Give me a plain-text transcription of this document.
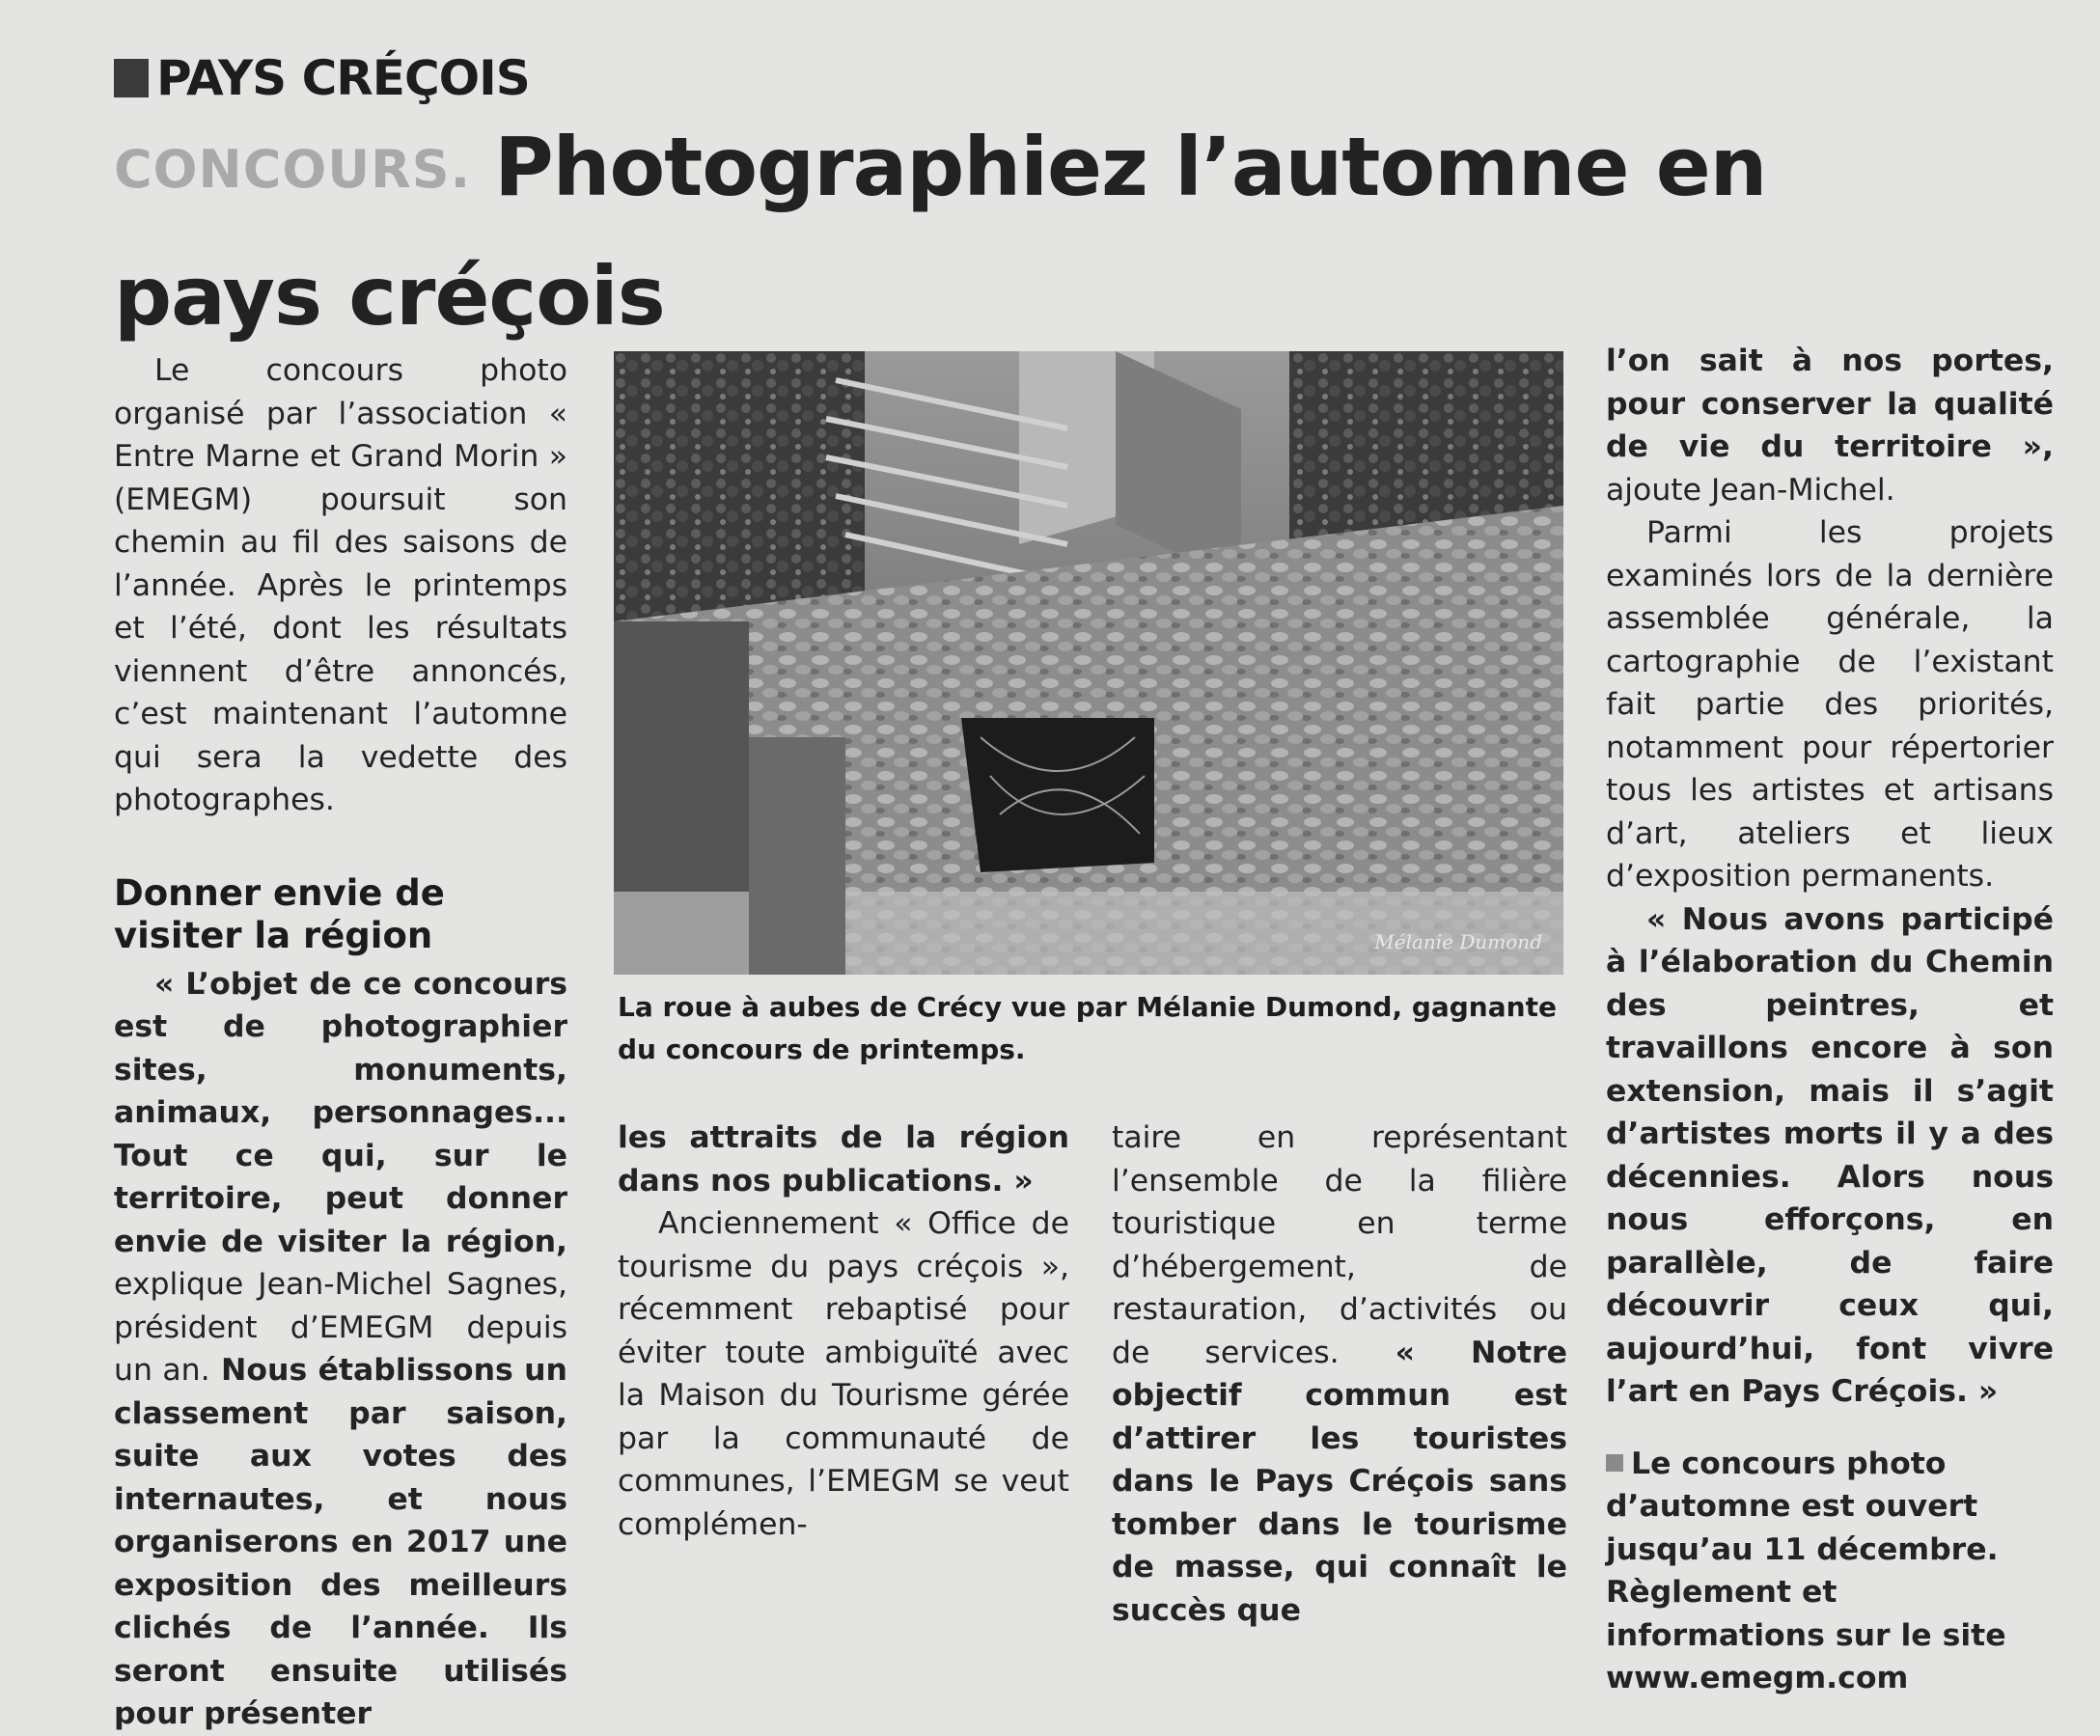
PAYS CRÉÇOIS
CONCOURS. Photographiez l’automne en pays créçois

Le concours photo organisé par l’association « Entre Marne et Grand Morin » (EMEGM) poursuit son chemin au fil des saisons de l’année. Après le printemps et l’été, dont les résultats viennent d’être annoncés, c’est maintenant l’automne qui sera la vedette des photographes.

Donner envie de visiter la région

« L’objet de ce concours est de photographier sites, monuments, animaux, personnages... Tout ce qui, sur le territoire, peut donner envie de visiter la région, explique Jean-Michel Sagnes, président d’EMEGM depuis un an. Nous établissons un classement par saison, suite aux votes des internautes, et nous organiserons en 2017 une exposition des meilleurs clichés de l’année. Ils seront ensuite utilisés pour présenter

Mélanie Dumond
La roue à aubes de Crécy vue par Mélanie Dumond, gagnante du concours de printemps.

les attraits de la région dans nos publications. »

Anciennement « Office de tourisme du pays créçois », récemment rebaptisé pour éviter toute ambiguïté avec la Maison du Tourisme gérée par la communauté de communes, l’EMEGM se veut complémen-

taire en représentant l’ensemble de la filière touristique en terme d’hébergement, de restauration, d’activités ou de services. « Notre objectif commun est d’attirer les touristes dans le Pays Créçois sans tomber dans le tourisme de masse, qui connaît le succès que

l’on sait à nos portes, pour conserver la qualité de vie du territoire », ajoute Jean-Michel.

Parmi les projets examinés lors de la dernière assemblée générale, la cartographie de l’existant fait partie des priorités, notamment pour répertorier tous les artistes et artisans d’art, ateliers et lieux d’exposition permanents.

« Nous avons participé à l’élaboration du Chemin des peintres, et travaillons encore à son extension, mais il s’agit d’artistes morts il y a des décennies. Alors nous nous efforçons, en parallèle, de faire découvrir ceux qui, aujourd’hui, font vivre l’art en Pays Créçois. »

Le concours photo d’automne est ouvert jusqu’au 11 décembre. Règlement et informations sur le site www.emegm.com
